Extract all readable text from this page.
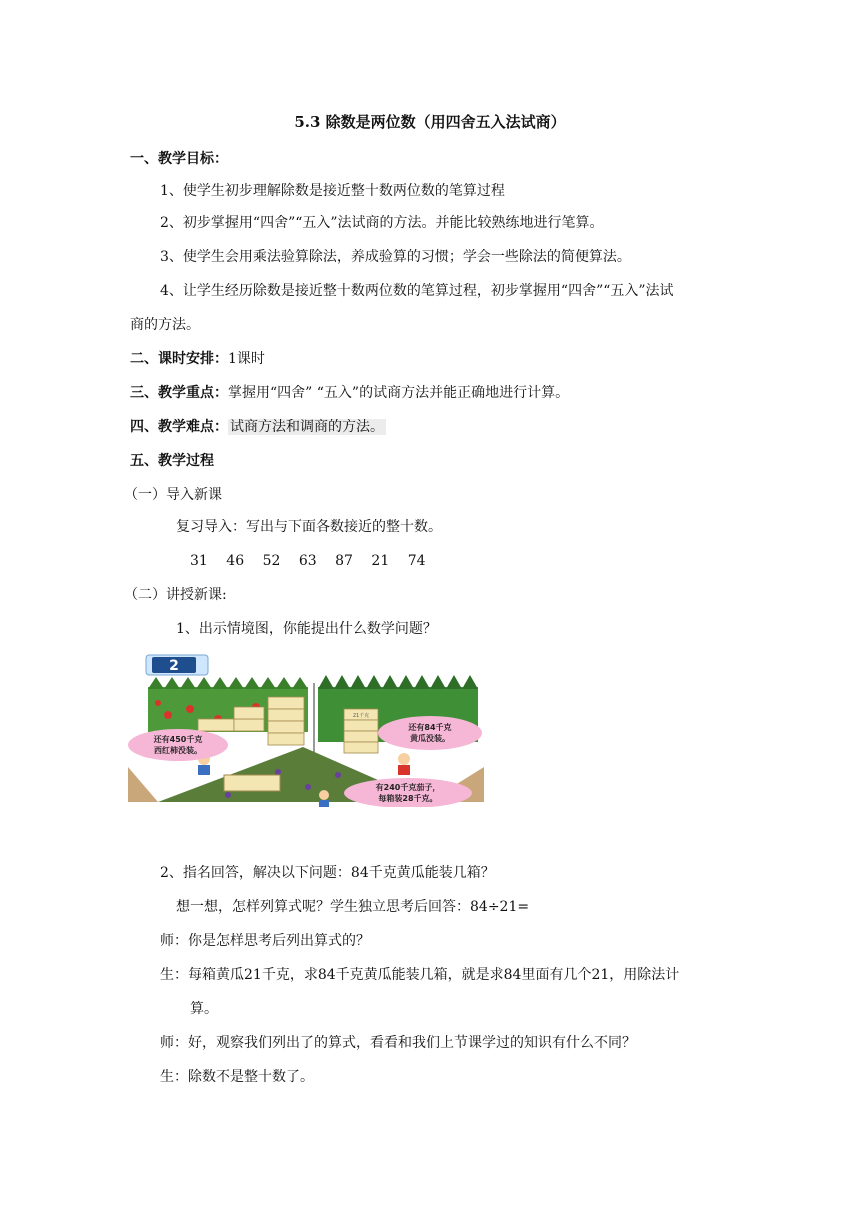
5.3 除数是两位数（用四舍五入法试商）
一、教学目标：
1、使学生初步理解除数是接近整十数两位数的笔算过程
2、初步掌握用“四舍”“五入”法试商的方法。并能比较熟练地进行笔算。
3、使学生会用乘法验算除法，养成验算的习惯；学会一些除法的简便算法。
4、让学生经历除数是接近整十数两位数的笔算过程，初步掌握用“四舍”“五入”法试
商的方法。
二、课时安排：1课时
三、教学重点：掌握用“四舍” “五入”的试商方法并能正确地进行计算。
四、教学难点： 试商方法和调商的方法。
五、教学过程
（一）导入新课
复习导入：写出与下面各数接近的整十数。
31 46 52 63 87 21 74
（二）讲授新课:
1、出示情境图，你能提出什么数学问题？
2
21千克
还有450千克
西红柿没装。
还有84千克
黄瓜没装。
有240千克茄子，
每箱装28千克。
2、指名回答，解决以下问题：84千克黄瓜能装几箱？
想一想，怎样列算式呢？学生独立思考后回答：84÷21=
师：你是怎样思考后列出算式的？
生：每箱黄瓜21千克，求84千克黄瓜能装几箱，就是求84里面有几个21，用除法计
算。
师：好，观察我们列出了的算式，看看和我们上节课学过的知识有什么不同？
生：除数不是整十数了。
